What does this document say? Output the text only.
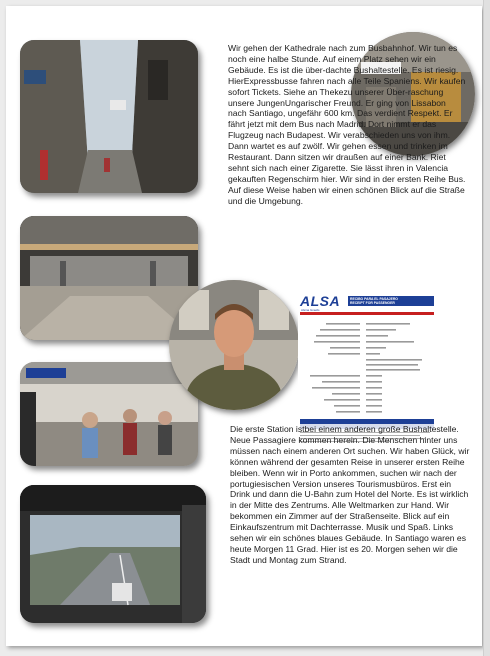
ALSA
Alsina Graells
RECIBO PARA EL PASAJERO
RECEIPT FOR PASSENGER

Wir gehen der Kathedrale nach zum Busbahnhof. Wir tun es noch eine halbe Stunde. Auf einem Platz sehen wir ein Gebäude. Es ist die über-dachte Bushaltestelle. Es ist riesig. HierExpressbusse fahren nach alle Teile Spaniens. Wir kaufen sofort Tickets. Siehe an Thekezu unserer Über-raschung unsere JungenUngarischer Freund. Er ging von Lissabon nach Santiago, ungefähr 600 km. Das verdient Respekt. Er fährt jetzt mit dem Bus nach Madrid. Dort nimmt er das Flugzeug nach Budapest. Wir verabschieden uns von ihm. Dann wartet es auf zwölf. Wir gehen essen und trinken im Restaurant. Dann sitzen wir draußen auf einer Bank. Riet sehnt sich nach einer Zigarette. Sie lässt ihren in Valencia gekauften Regenschirm hier. Wir sind in der ersten Reihe Bus. Auf diese Weise haben wir einen schönen Blick auf die Straße und die Umgebung.

Die erste Station istbei einem anderen große Bushaltestelle. Neue Passagiere kommen herein. Die Menschen hinter uns müssen nach einem anderen Ort suchen. Wir haben Glück, wir können während der gesamten Reise in unserer ersten Reihe bleiben. Wenn wir in Porto ankommen, suchen wir nach der portugiesischen Version unseres Tourismusbüros. Erst ein Drink und dann die U-Bahn zum Hotel del Norte. Es ist wirklich in der Mitte des Zentrums. Alle Weltmarken zur Hand. Wir bekommen ein Zimmer auf der Straßenseite. Blick auf ein Einkaufszentrum mit Dachterrasse. Musik und Spaß. Links sehen wir ein schönes blaues Gebäude. In Santiago waren es heute Morgen 11 Grad. Hier ist es 20. Morgen sehen wir die Stadt und Montag zum Strand.
